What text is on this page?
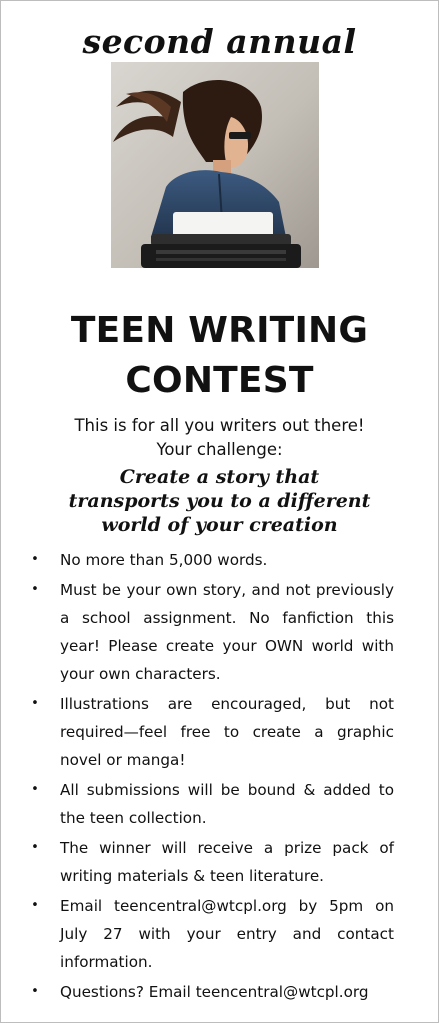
second annual
TEEN WRITING
CONTEST

This is for all you writers out there!
Your challenge:

Create a story that
transports you to a different
world of your creation

• No more than 5,000 words.
• Must be your own story, and not previously a school assignment. No fanfiction this year! Please create your OWN world with your own characters.
• Illustrations are encouraged, but not required—feel free to create a graphic novel or manga!
• All submissions will be bound & added to the teen collection.
• The winner will receive a prize pack of writing materials & teen literature.
• Email teencentral@wtcpl.org by 5pm on July 27 with your entry and contact information.
• Questions? Email teencentral@wtcpl.org
